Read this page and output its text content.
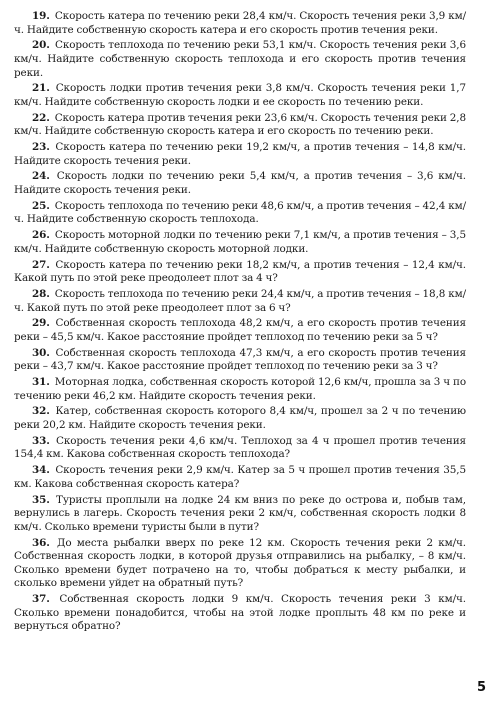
19. Скорость катера по течению реки 28,4 км/ч. Скорость течения реки 3,9 км/ч. Найдите собственную скорость катера и его скорость против течения реки.

20. Скорость теплохода по течению реки 53,1 км/ч. Скорость течения реки 3,6 км/ч. Найдите собственную скорость теплохода и его скорость против течения реки.

21. Скорость лодки против течения реки 3,8 км/ч. Скорость течения реки 1,7 км/ч. Найдите собственную скорость лодки и ее скорость по течению реки.

22. Скорость катера против течения реки 23,6 км/ч. Скорость течения реки 2,8 км/ч. Найдите собственную скорость катера и его скорость по течению реки.

23. Скорость катера по течению реки 19,2 км/ч, а против течения – 14,8 км/ч. Найдите скорость течения реки.

24. Скорость лодки по течению реки 5,4 км/ч, а против течения – 3,6 км/ч. Найдите скорость течения реки.

25. Скорость теплохода по течению реки 48,6 км/ч, а против течения – 42,4 км/ч. Найдите собственную скорость теплохода.

26. Скорость моторной лодки по течению реки 7,1 км/ч, а против течения – 3,5 км/ч. Найдите собственную скорость моторной лодки.

27. Скорость катера по течению реки 18,2 км/ч, а против течения – 12,4 км/ч. Какой путь по этой реке преодолеет плот за 4 ч?

28. Скорость теплохода по течению реки 24,4 км/ч, а против течения – 18,8 км/ч. Какой путь по этой реке преодолеет плот за 6 ч?

29. Собственная скорость теплохода 48,2 км/ч, а его скорость против течения реки – 45,5 км/ч. Какое расстояние пройдет теплоход по течению реки за 5 ч?

30. Собственная скорость теплохода 47,3 км/ч, а его скорость против течения реки – 43,7 км/ч. Какое расстояние пройдет теплоход по течению реки за 3 ч?

31. Моторная лодка, собственная скорость которой 12,6 км/ч, прошла за 3 ч по течению реки 46,2 км. Найдите скорость течения реки.

32. Катер, собственная скорость которого 8,4 км/ч, прошел за 2 ч по течению реки 20,2 км. Найдите скорость течения реки.

33. Скорость течения реки 4,6 км/ч. Теплоход за 4 ч прошел против течения 154,4 км. Какова собственная скорость теплохода?

34. Скорость течения реки 2,9 км/ч. Катер за 5 ч прошел против течения 35,5 км. Какова собственная скорость катера?

35. Туристы проплыли на лодке 24 км вниз по реке до острова и, побыв там, вернулись в лагерь. Скорость течения реки 2 км/ч, собственная скорость лодки 8 км/ч. Сколько времени туристы были в пути?

36. До места рыбалки вверх по реке 12 км. Скорость течения реки 2 км/ч. Собственная скорость лодки, в которой друзья отправились на рыбалку, – 8 км/ч. Сколько времени будет потрачено на то, чтобы добраться к месту рыбалки, и сколько времени уйдет на обратный путь?

37. Собственная скорость лодки 9 км/ч. Скорость течения реки 3 км/ч. Сколько времени понадобится, чтобы на этой лодке проплыть 48 км по реке и вернуться обратно?

5
